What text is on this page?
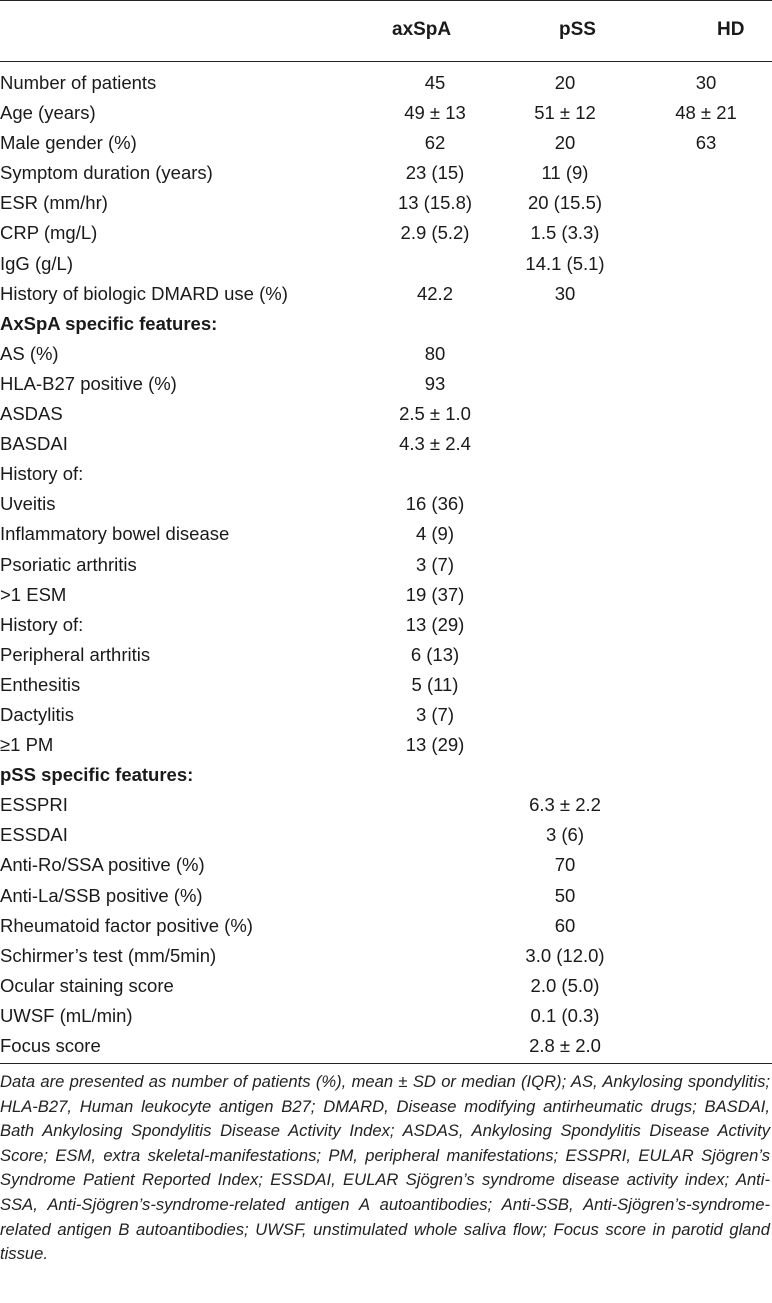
axSpA	pSS	HD
Number of patients	45	20	30
Age (years)	49 ± 13	51 ± 12	48 ± 21
Male gender (%)	62	20	63
Symptom duration (years)	23 (15)	11 (9)	
ESR (mm/hr)	13 (15.8)	20 (15.5)	
CRP (mg/L)	2.9 (5.2)	1.5 (3.3)	
IgG (g/L)		14.1 (5.1)	
History of biologic DMARD use (%)	42.2	30	
AxSpA specific features:			
AS (%)	80		
HLA-B27 positive (%)	93		
ASDAS	2.5 ± 1.0		
BASDAI	4.3 ± 2.4		
History of:			
Uveitis	16 (36)		
Inflammatory bowel disease	4 (9)		
Psoriatic arthritis	3 (7)		
>1 ESM	19 (37)		
History of:	13 (29)		
Peripheral arthritis	6 (13)		
Enthesitis	5 (11)		
Dactylitis	3 (7)		
≥1 PM	13 (29)		
pSS specific features:			
ESSPRI		6.3 ± 2.2	
ESSDAI		3 (6)	
Anti-Ro/SSA positive (%)		70	
Anti-La/SSB positive (%)		50	
Rheumatoid factor positive (%)		60	
Schirmer’s test (mm/5min)		3.0 (12.0)	
Ocular staining score		2.0 (5.0)	
UWSF (mL/min)		0.1 (0.3)	
Focus score		2.8 ± 2.0	

Data are presented as number of patients (%), mean ± SD or median (IQR); AS, Ankylosing spondylitis; HLA-B27, Human leukocyte antigen B27; DMARD, Disease modifying antirheumatic drugs; BASDAI, Bath Ankylosing Spondylitis Disease Activity Index; ASDAS, Ankylosing Spondylitis Disease Activity Score; ESM, extra skeletal-manifestations; PM, peripheral manifestations; ESSPRI, EULAR Sjögren’s Syndrome Patient Reported Index; ESSDAI, EULAR Sjögren’s syndrome disease activity index; Anti-SSA, Anti-Sjögren’s-syndrome-related antigen A autoantibodies; Anti-SSB, Anti-Sjögren’s-syndrome-related antigen B autoantibodies; UWSF, unstimulated whole saliva flow; Focus score in parotid gland tissue.
